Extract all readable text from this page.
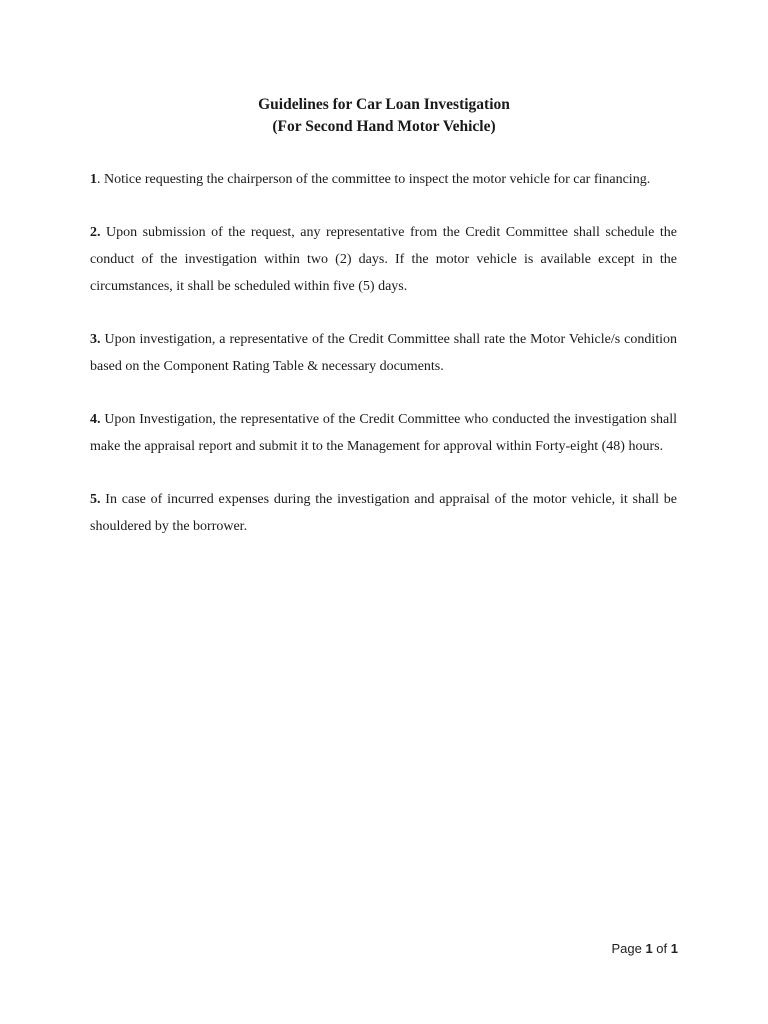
Guidelines for Car Loan Investigation
(For Second Hand Motor Vehicle)

1. Notice requesting the chairperson of the committee to inspect the motor vehicle for car financing.

2. Upon submission of the request, any representative from the Credit Committee shall schedule the conduct of the investigation within two (2) days. If the motor vehicle is available except in the circumstances, it shall be scheduled within five (5) days.

3. Upon investigation, a representative of the Credit Committee shall rate the Motor Vehicle/s condition based on the Component Rating Table & necessary documents.

4. Upon Investigation, the representative of the Credit Committee who conducted the investigation shall make the appraisal report and submit it to the Management for approval within Forty-eight (48) hours.

5. In case of incurred expenses during the investigation and appraisal of the motor vehicle, it shall be shouldered by the borrower.

Page 1 of 1
